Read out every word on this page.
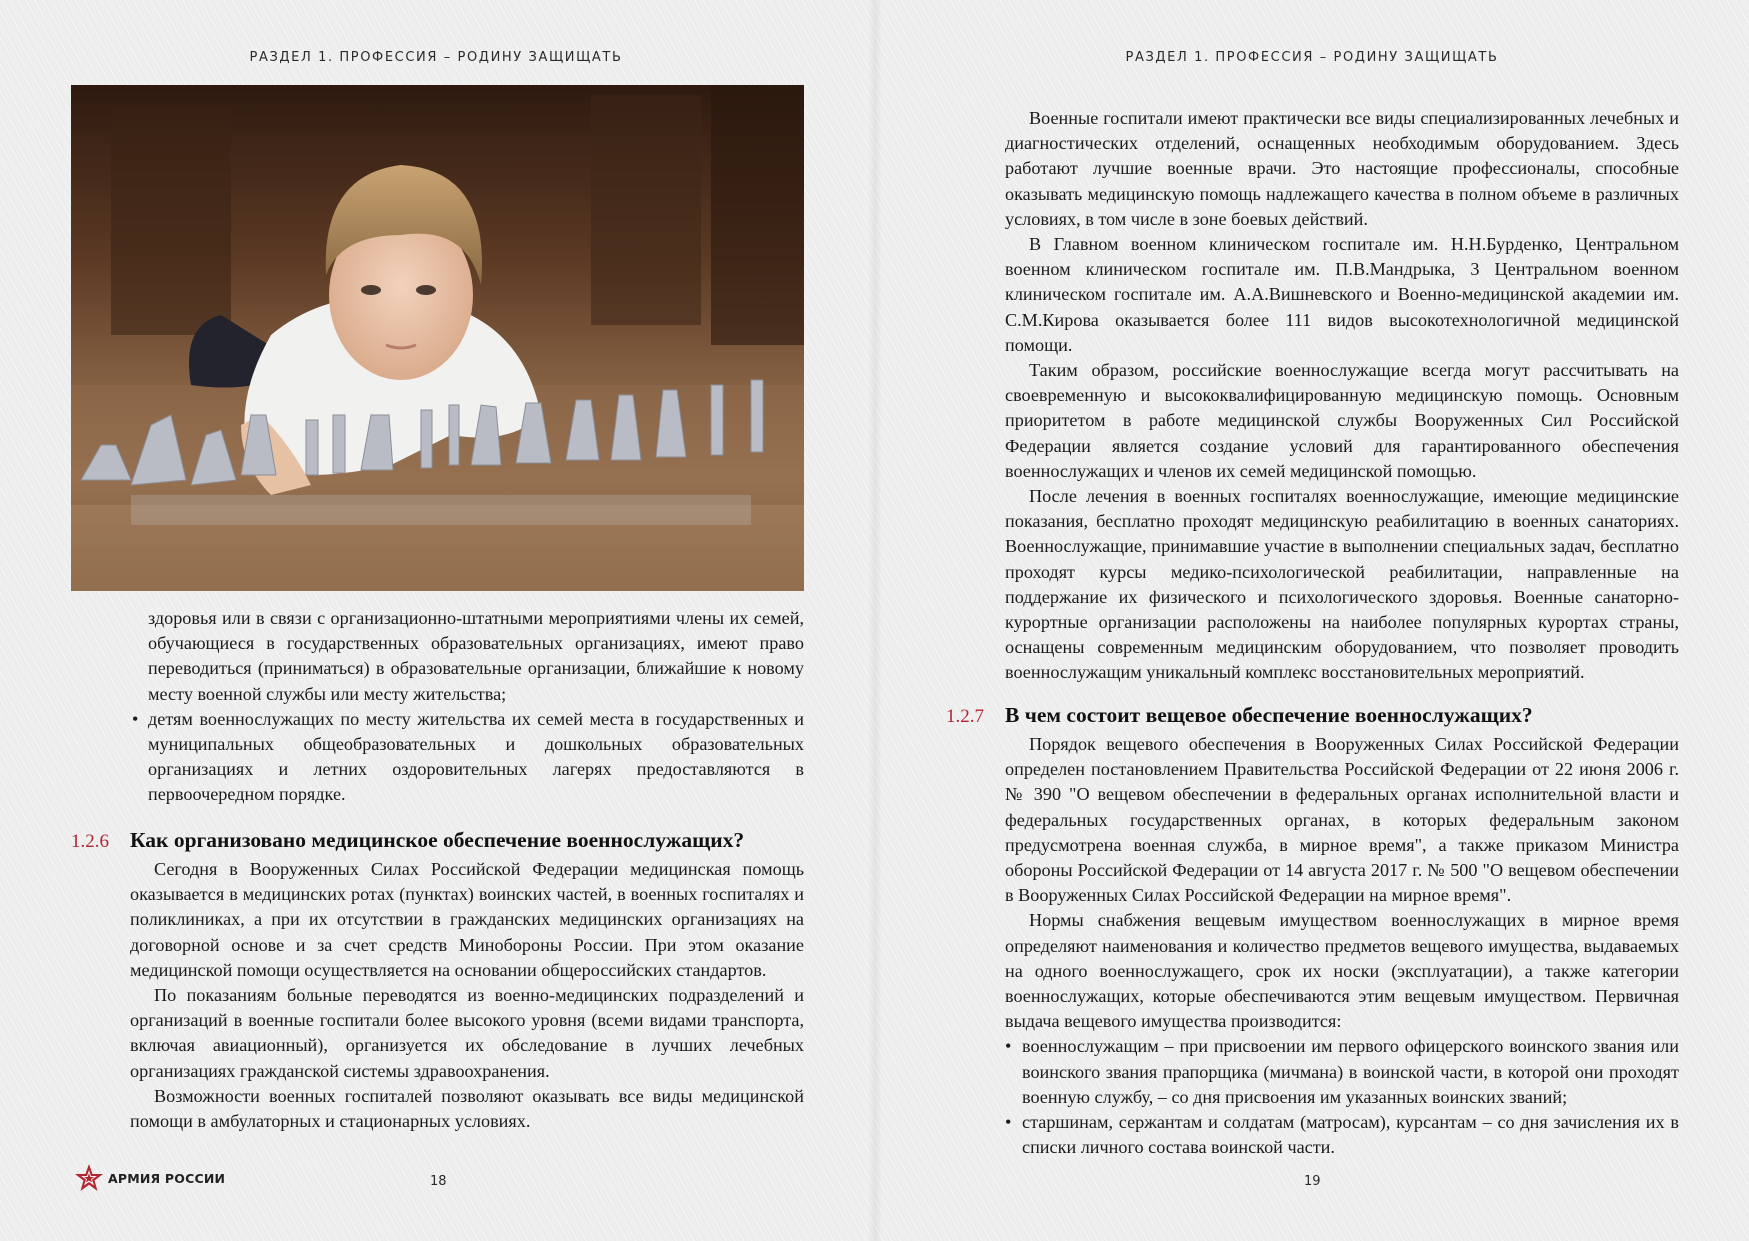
РАЗДЕЛ 1. ПРОФЕССИЯ – РОДИНУ ЗАЩИЩАТЬ
здоровья или в связи с организационно-штатными мероприятиями члены их семей, обучающиеся в государственных образовательных организациях, имеют право переводиться (приниматься) в образовательные организации, ближайшие к новому месту военной службы или месту жительства;
• детям военнослужащих по месту жительства их семей места в государственных и муниципальных общеобразовательных и дошкольных образовательных организациях и летних оздоровительных лагерях предоставляются в первоочередном порядке.
1.2.6 Как организовано медицинское обеспечение военнослужащих?
Сегодня в Вооруженных Силах Российской Федерации медицинская помощь оказывается в медицинских ротах (пунктах) воинских частей, в военных госпиталях и поликлиниках, а при их отсутствии в гражданских медицинских организациях на договорной основе и за счет средств Минобороны России. При этом оказание медицинской помощи осуществляется на основании общероссийских стандартов.
По показаниям больные переводятся из военно-медицинских подразделений и организаций в военные госпитали более высокого уровня (всеми видами транспорта, включая авиационный), организуется их обследование в лучших лечебных организациях гражданской системы здравоохранения.
Возможности военных госпиталей позволяют оказывать все виды медицинской помощи в амбулаторных и стационарных условиях.
АРМИЯ РОССИИ	18
РАЗДЕЛ 1. ПРОФЕССИЯ – РОДИНУ ЗАЩИЩАТЬ
Военные госпитали имеют практически все виды специализированных лечебных и диагностических отделений, оснащенных необходимым оборудованием. Здесь работают лучшие военные врачи. Это настоящие профессионалы, способные оказывать медицинскую помощь надлежащего качества в полном объеме в различных условиях, в том числе в зоне боевых действий.
В Главном военном клиническом госпитале им. Н.Н.Бурденко, Центральном военном клиническом госпитале им. П.В.Мандрыка, 3 Центральном военном клиническом госпитале им. А.А.Вишневского и Военно-медицинской академии им. С.М.Кирова оказывается более 111 видов высокотехнологичной медицинской помощи.
Таким образом, российские военнослужащие всегда могут рассчитывать на своевременную и высококвалифицированную медицинскую помощь. Основным приоритетом в работе медицинской службы Вооруженных Сил Российской Федерации является создание условий для гарантированного обеспечения военнослужащих и членов их семей медицинской помощью.
После лечения в военных госпиталях военнослужащие, имеющие медицинские показания, бесплатно проходят медицинскую реабилитацию в военных санаториях. Военнослужащие, принимавшие участие в выполнении специальных задач, бесплатно проходят курсы медико-психологической реабилитации, направленные на поддержание их физического и психологического здоровья. Военные санаторно-курортные организации расположены на наиболее популярных курортах страны, оснащены современным медицинским оборудованием, что позволяет проводить военнослужащим уникальный комплекс восстановительных мероприятий.
1.2.7 В чем состоит вещевое обеспечение военнослужащих?
Порядок вещевого обеспечения в Вооруженных Силах Российской Федерации определен постановлением Правительства Российской Федерации от 22 июня 2006 г. № 390 "О вещевом обеспечении в федеральных органах исполнительной власти и федеральных государственных органах, в которых федеральным законом предусмотрена военная служба, в мирное время", а также приказом Министра обороны Российской Федерации от 14 августа 2017 г. № 500 "О вещевом обеспечении в Вооруженных Силах Российской Федерации на мирное время".
Нормы снабжения вещевым имуществом военнослужащих в мирное время определяют наименования и количество предметов вещевого имущества, выдаваемых на одного военнослужащего, срок их носки (эксплуатации), а также категории военнослужащих, которые обеспечиваются этим вещевым имуществом. Первичная выдача вещевого имущества производится:
• военнослужащим – при присвоении им первого офицерского воинского звания или воинского звания прапорщика (мичмана) в воинской части, в которой они проходят военную службу, – со дня присвоения им указанных воинских званий;
• старшинам, сержантам и солдатам (матросам), курсантам – со дня зачисления их в списки личного состава воинской части.
19
